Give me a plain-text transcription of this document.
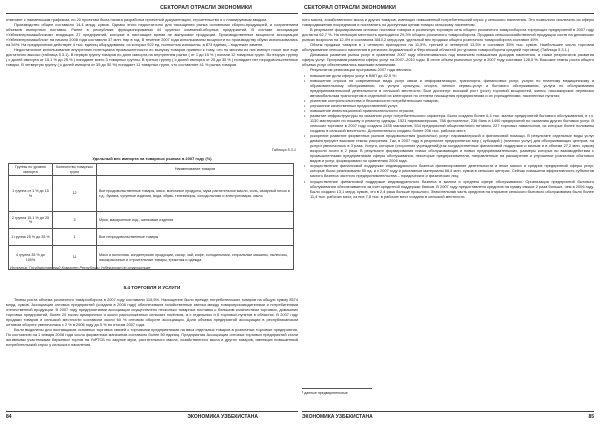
СЕКТОРАЛ ОТРАСЛИ ЭКОНОМИКИ

отвечают с наименьшим графиком, по 20 проектам была начата разработка проектной документации, строительство и с планируемым вводом.

Производство общее составило 14,4 млрд. сумов. Однако этого недостаточно для насыщения рынка основными сборно-продукцией, и сохранением объемов импортных поставок. Ранее в республике функционирования 44 крупных компаний-оборных предприятий. В составе ассоциации «Узбекэнергомашблоком» входящих 27 предприятий, которые в настоящее время не выпускают продукции. Производственные мощности ассоциации «Узбекэнергомашблок» на начало 2008 года составили 37 млн. пар в год. В течение 2007 года использованы мощности по производству обуви использовались на 54%. На предприятиях действует 4 тыс. единиц оборудования, из которых 922 ед. полностью изношены, а 873 единиц – подлежат замене.

Недостаточное использование внутренних потенциала промышленности по выпуску товаров привело к тому, что по многим из них импорт носит все еще достаточно высоко (таблица 5.3.1). В первую группу товаров по доле импорта на внутреннем рынке ( от 1 до 15 % ) попали 12 товарных групп. Во вторую группу ( с долей импорта от 15,1 % до 25 % ) попадают всего 3 товарных группы. В третью группу ( с долей импорта от 25 до 35 % ) попадает нет неродовольственные товары. В четвертую группу ( с долей импорта от 35 до 50 %) попадает 11 товарных групп, что составляет 41 % рынка товаров

Таблица 5.3.1
Удельный вес импорта на товарных рынках в 2007 году (%)
Группы по уровню импорта	Количество товарных групп	Наименование товаров
1 группа от 1 % до 15 %	12	Все продовольственные товары, мясо, молочные продукты, мука растительное масло, соль, сахарный песок и т.д., бумага, чугунные изделия, вода, обувь, телевизоры, холодильники и электротовары. мыло
2 группа 15,1 % до 25 %	3	Мука, макаронные изд., шелковые изделия
3 группа 25 % до 35 %	1	Все непродовольственные товары
4 группа 35 % до 100%	11	Мясо и молочная, кондитерские продукции, сахар, чай, кофе, холодильники, стиральные машины, пылесосы, лакокрасочные и строительные товары, трикотаж и одежда
Источник: Государственный Комитет Республики Узбекистан по статистике
5.4 ТОРГОВЛЯ И УСЛУГИ

Темпы роста объема розничного товарооборота в 2007 году составили 115,5%. Насыщение было прежде потребительских товаров на общую сумму 8574 млрд. сумов. Ассоциация оптовых предприятий (создана в 2008 году) обеспечивала хозяйственные звенья между товаропроизводителями и потребителями отечественной продукции. В 2007 году предприятиями ассоциации осуществлено несколько товарных поставок с большим количеством торговых, домашних торговых предприятий, более 20 тысяч ярмарочных и около расположенных сельских посёлков, а с отдельных и 6 торговых-пунктов в областях. В 2007 году продажи товаров и сельской местности составили около 60 % оптовом обороте ассоциации. Доля объема предприятий ассоциации в республиканском оптовом обороте увеличилась с 2 % в 2006 году до 5 % по итогам 2007 года.

Были выделены для поставщиков основных торговых связей с торговыми предприятиями на ввоз отдельных товаров в розничные торговые предприятия. По состоянию на 1 января 2008 года число фирменных магазинов составило более 50 единиц. Предприятия Ассоциации оптовых торговых предприятий стали активными участниками биржевых торгов на УзРТСБ по закупке муки, растительного масла, хозяйственного мыла и других товаров, имеющих повышенный потребительский спрос у сельского населения.

84	ЭКОНОМИКА УЗБЕКИСТАНА
СЕКТОРАЛ ОТРАСЛИ ЭКОНОМИКИ

ного масла, хозяйственного мыла и других товаров, имеющих повышенный потребительский спрос у сельского населения. Это позволило исключить из сферы товародвижения посредников и поставлять по доступным ценам товары сельскому населению.

В результате формирования оптовых поставок товаров в розничную торговую сеть общего розничного товарооборота торгующих предприятий в 2007 году достигла 62,7 %. На сельскую местность приходится 29,3% общего розничного товарооборота. Продажа сельскохозяйственной продукции соотв на дехканских рынках возросла на 12,4% и составила 3810,2 млрд.сум, удельный вес продажи общего розничного товарооборота составил 49%.

Объем продажи товаров в 1 четверти приходится на 11,5%, третьей и четвертой 13,5% и составил 35% тыс. сумов. Наибольшее число торговли обслуживание сельского населения в регионах Андижанской и Ферганской областей (по уровню товарооборота средней торговли) (Таблица 5.3.1.)

Динамика развития рынка услуг в сравнении 2007 году обеспечивалось под влиянием повышения доходов населения, а также результатов развития сферы услуг. Программа развития сферы услуг на 2007–2010 годы. В итоге объем рыночных услуг в 2007 году составил 126,5 %. Высокие темпы роста общего объема услуг обеспечивались важными влияниями.

Результатом реализации программы 2007 года явились:

• повышение доли сферы услуг в ВВП до 42,5 %;
• повышение спроса на современные виды услуг связи и информатизации, транспорта, финансовых услуг, услуги по платному медицинскому и образовательному обслуживанию, на услуги культуры, спорта, личных сервис-услуг и бытового обслуживания, услуги по обслуживанию предпринимательской деятельности в сельской местности. Был достигнут высокий рост (рост) торговой мощностей, жилья, пассажирских перевозок автомобильным транспортом в отдельной их категориях по степени насыщения предприятиями и их учреждениями, населенных пунктах;
• усиление контроля качества и безопасности потребительских товаров;
• улучшение качественных предоставлений услуг;
• повышение инвестиционной привлекательности отрасли;
• развитие инфраструктуры по оказанию услуг потребительского характера. Было создано более 6,4 тыс. малых предприятий бытового обслуживания, в т.ч. 1130 мастерских по пошиву и ремонту одежды, 1521 парикмахерская, 788 фотоателье, 236 бань и 1490 предприятий по оказанию других бытовых услуг. В сельских торговле в 2007 году создано 2455 магазинов, 534 предприятий общественного питания, 227 торговых павильонов, из которых более половины созданы в сельской местности. Дополнительно создано более 206 тыс. рабочих мест;
• ускорение развитие фирменных рынков продовольствия (рыночных) услуг: парикмахерской и финансовой помощи. В результате отдельные виды услуг демонстрируют высокие темпы ускорения. Так, в 2007 году в результате предпринятых мер ( субсидий ) (платных услуг) для обслуживающих центров, на услуги увеличилось в 3 раза. Услуги, которые (сторонних учреждений)(так государственных финансовой поддержке и малым и в объеме 27,2 млн. сумов) возросли почти в 2 раза. В результате формирования новых обслуживающих и новых предпринимательских, размеры которых во взаимодействии с промышленными предприятиями сферы обслуживания, некоторые предприниматели, направленные на расширение и улучшение розничных сбытовых видов и услуг, формировали по сравнению 2006 года.
• осуществление финансовой поддержке индивидуального бизнеса финансирование деятельности и иных малых и средних предприятий сферы услуг, которые были реализованы 50 ед. и с 2007 году и рекламные материалы 68,4 млн. сумов в сельских центрах. Сейчас повышена эффективность субъектов малого бизнеса частного предпринимательства – юридических и физических лиц;
• осуществление финансовой поддержке индивидуального бизнеса в малом и среднем сфере обслуживания. Организация предприятий бытового обслуживания обеспечивается за счет кредитной поддержки банков. В 2007 году предоставлено кредитов на сумму свыше 2 раза больше, чем в 2006 году. Было создано 13,1 млрд. сумов, что в 2,4 раза больше прошлого. Значительная часть кредитов на открытие сельского бытового обслуживания было более 11,4 тыс. рабочих мест, из них 7,8 тыс. в рабочих мест создано в сельской местности.
¹ данные предварительные
ЭКОНОМИКА УЗБЕКИСТАНА	85
